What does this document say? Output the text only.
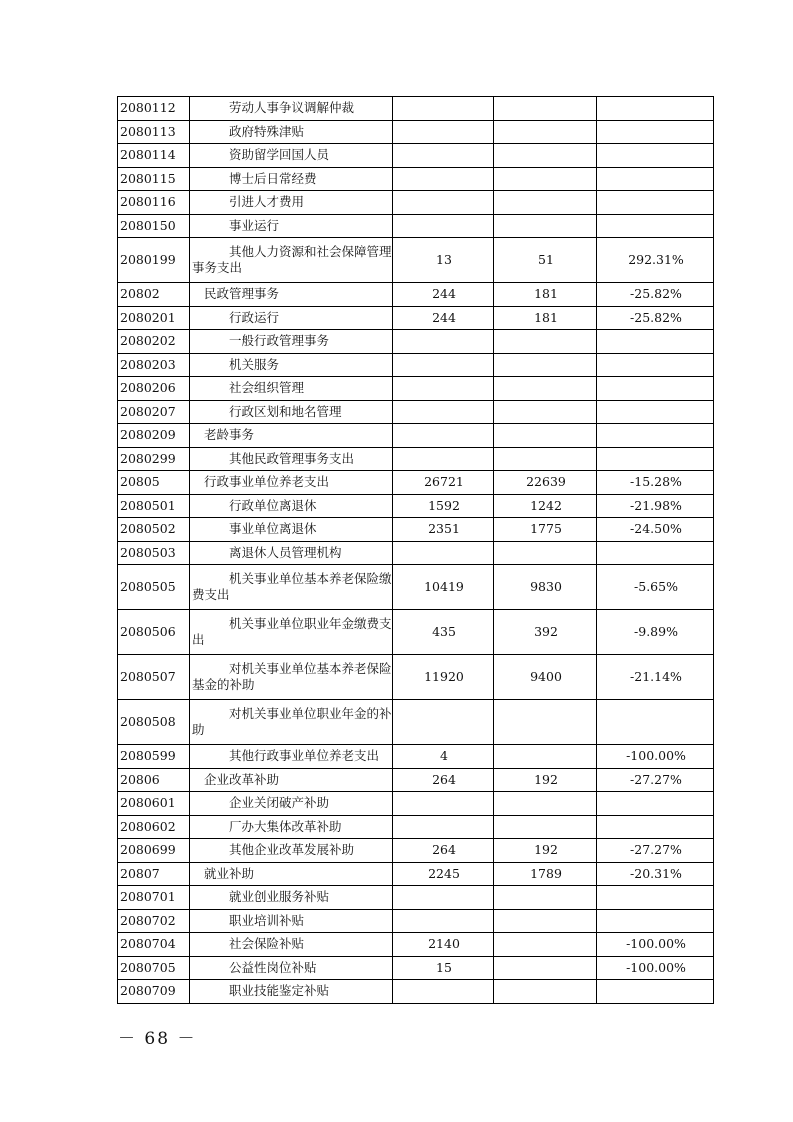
2080112	劳动人事争议调解仲裁			

2080113	政府特殊津贴			

2080114	资助留学回国人员			

2080115	博士后日常经费			

2080116	引进人才费用			

2080150	事业运行			

2080199	其他人力资源和社会保障管理事务支出	13	51	292.31%
20802	民政管理事务	244	181	-25.82%
2080201	行政运行	244	181	-25.82%
2080202	一般行政管理事务			

2080203	机关服务			

2080206	社会组织管理			

2080207	行政区划和地名管理			

2080209	老龄事务			

2080299	其他民政管理事务支出			

20805	行政事业单位养老支出	26721	22639	-15.28%
2080501	行政单位离退休	1592	1242	-21.98%
2080502	事业单位离退休	2351	1775	-24.50%
2080503	离退休人员管理机构			

2080505	机关事业单位基本养老保险缴费支出	10419	9830	-5.65%
2080506	机关事业单位职业年金缴费支出	435	392	-9.89%
2080507	对机关事业单位基本养老保险基金的补助	11920	9400	-21.14%
2080508	对机关事业单位职业年金的补助			

2080599	其他行政事业单位养老支出	4		-100.00%
20806	企业改革补助	264	192	-27.27%
2080601	企业关闭破产补助			

2080602	厂办大集体改革补助			

2080699	其他企业改革发展补助	264	192	-27.27%
20807	就业补助	2245	1789	-20.31%
2080701	就业创业服务补贴			

2080702	职业培训补贴			

2080704	社会保险补贴	2140		-100.00%
2080705	公益性岗位补贴	15		-100.00%
2080709	职业技能鉴定补贴			

－ 68 －
